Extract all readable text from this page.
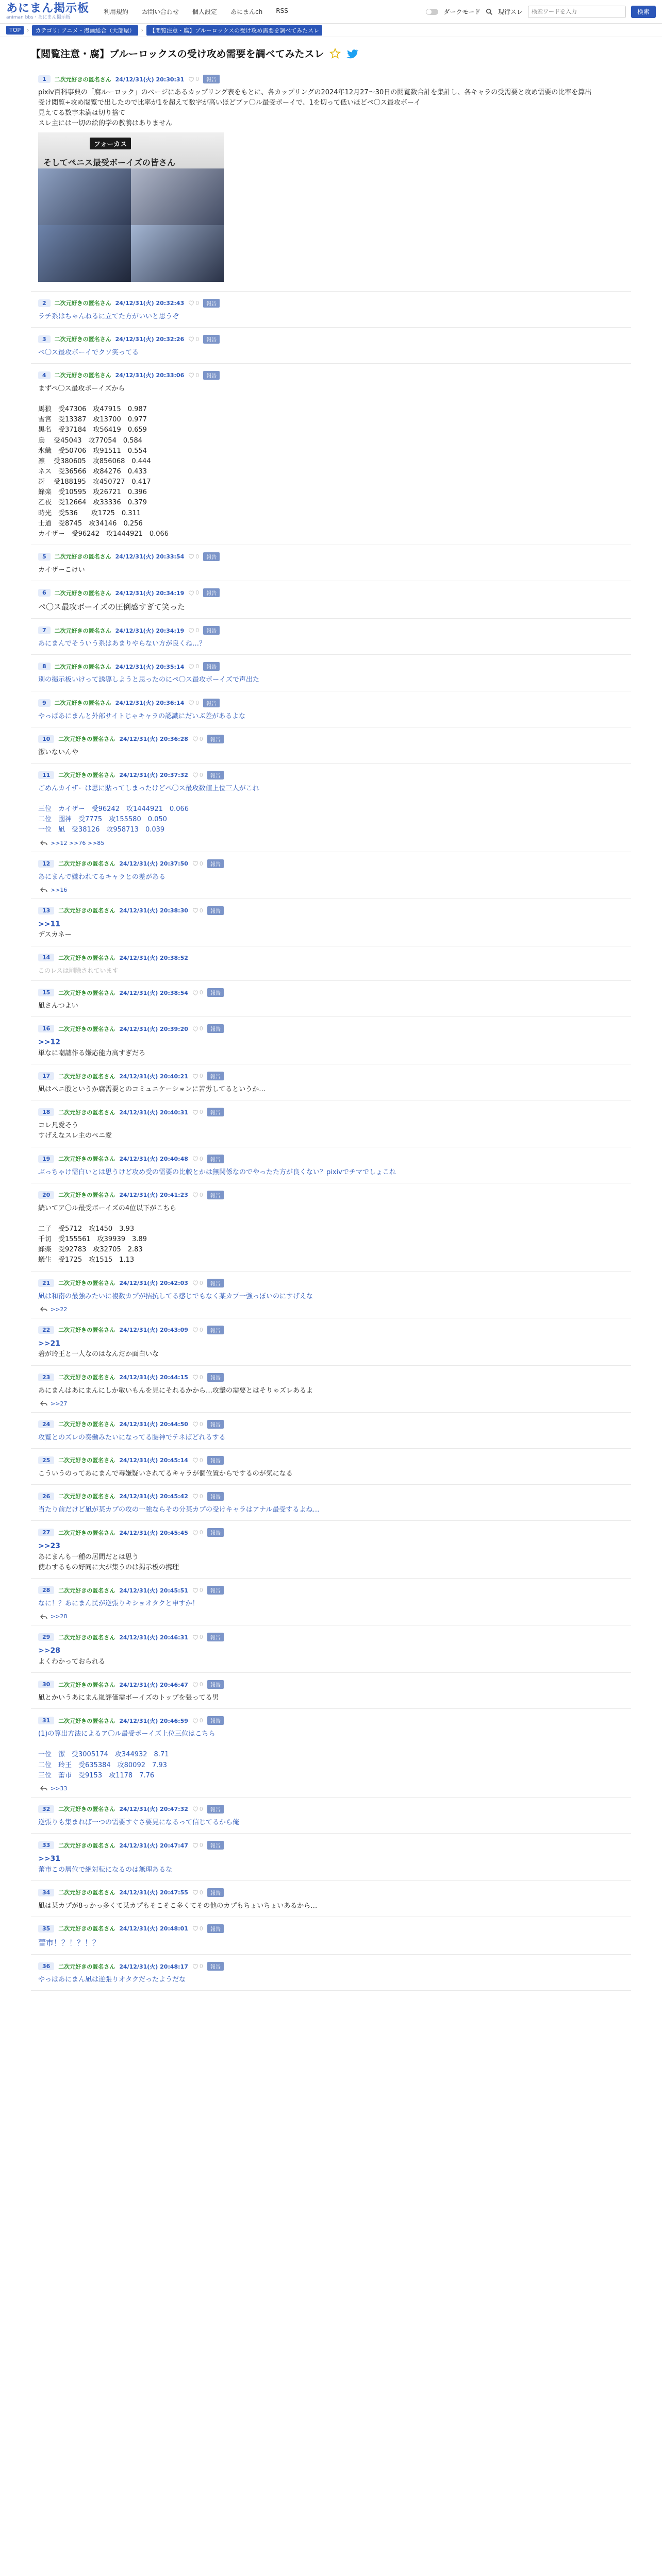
あにまん掲示板
animan bbs・あにまん掲示板
利用規約 お問い合わせ 個人設定 あにまんch RSS	ダークモード	現行スレ
検索ワードを入力	検索
TOP	›	カテゴリ: アニメ・漫画総合（大部屋）	›	【閲覧注意・腐】ブルーロックスの受け攻め需要を調べてみたスレ
【閲覧注意・腐】ブルーロックスの受け攻め需要を調べてみたスレ
1	二次元好きの匿名さん 24/12/31(火) 20:30:31 0	報告
pixiv百科事典の「腐ルーロック」のページにあるカップリング表をもとに、各カップリングの2024年12月27〜30日の閲覧数合計を集計し、各キャラの受需要と攻め需要の比率を算出
受け閲覧÷攻め閲覧で出したので比率が1を超えて数字が高いほどブァ〇ル最受ボーイで、1を切って低いほどペ〇ス最攻ボーイ
見えてる数字未満は切り捨て
スレ主には一切の絵的学の教養はありません
フォーカス
そしてペニス最受ボーイズの皆さん
2	二次元好きの匿名さん 24/12/31(火) 20:32:43 0	報告
ラチ系はちゃんねるに立てた方がいいと思うぞ
3	二次元好きの匿名さん 24/12/31(火) 20:32:26 0	報告
ペ〇ス最攻ボーイでクソ笑ってる
4	二次元好きの匿名さん 24/12/31(火) 20:33:06 0	報告
まずペ〇ス最攻ボーイズから

馬狼　受47306　攻47915　0.987
雪宮　受13387　攻13700　0.977
黒名　受37184　攻56419　0.659
烏　 受45043　攻77054　0.584
氷織　受50706　攻91511　0.554
凛　 受380605　攻856068　0.444
ネス　受36566　攻84276　0.433
冴　 受188195　攻450727　0.417
蜂楽　受10595　攻26721　0.396
乙夜　受12664　攻33336　0.379
時光　受536　　攻1725　0.311
士道　受8745　攻34146　0.256
カイザー　受96242　攻1444921　0.066
5	二次元好きの匿名さん 24/12/31(火) 20:33:54 0	報告
カイザーこけい
6	二次元好きの匿名さん 24/12/31(火) 20:34:19 0	報告
ペ〇ス最攻ボーイズの圧倒感すぎて笑った
7	二次元好きの匿名さん 24/12/31(火) 20:34:19 0	報告
あにまんでそういう系はあまりやらない方が良くね…？
8	二次元好きの匿名さん 24/12/31(火) 20:35:14 0	報告
別の掲示板いけって誘導しようと思ったのにペ〇ス最攻ボーイズで声出た
9	二次元好きの匿名さん 24/12/31(火) 20:36:14 0	報告
やっぱあにまんと外部サイトじゃキャラの認識にだいぶ差があるよな
10	二次元好きの匿名さん 24/12/31(火) 20:36:28 0	報告
潔いないんや
11	二次元好きの匿名さん 24/12/31(火) 20:37:32 0	報告
ごめんカイザーは思に貼ってしまったけどペ〇ス最攻数値上位三人がこれ

三位　カイザー　受96242　攻1444921　0.066
二位　國神　受7775　攻155580　0.050
一位　凪　受38126　攻958713　0.039
>>12 >>76 >>85
12	二次元好きの匿名さん 24/12/31(火) 20:37:50 0	報告
あにまんで嫌われてるキャラとの差がある
>>16
13	二次元好きの匿名さん 24/12/31(火) 20:38:30 0	報告
>>11
デスカネー
14	二次元好きの匿名さん 24/12/31(火) 20:38:52
このレスは削除されています
15	二次元好きの匿名さん 24/12/31(火) 20:38:54 0	報告
凪さんつよい
16	二次元好きの匿名さん 24/12/31(火) 20:39:20 0	報告
>>12
単なに嘲謔作る嫌応能力高すぎだろ
17	二次元好きの匿名さん 24/12/31(火) 20:40:21 0	報告
凪はペニ股というか腐需要とのコミュニケーションに苦労してるというか…
18	二次元好きの匿名さん 24/12/31(火) 20:40:31 0	報告
コレ凡愛そう
すげえなスレ主のペニ愛
19	二次元好きの匿名さん 24/12/31(火) 20:40:48 0	報告
ぶっちゃけ需白いとは思うけど攻め受の需要の比較とかは無関係なのでやったた方が良くない？pixivでチマでしょこれ
20	二次元好きの匿名さん 24/12/31(火) 20:41:23 0	報告
続いてア〇ル最受ボーイズの4位以下がこちら

二子　受5712　攻1450　3.93
千切　受155561　攻39939　3.89
蜂楽　受92783　攻32705　2.83
蟻生　受1725　攻1515　1.13
21	二次元好きの匿名さん 24/12/31(火) 20:42:03 0	報告
凪は和南の最強みたいに複数カプが拮抗してる感じでもなく某カプ一強っぽいのにすげえな
>>22
22	二次元好きの匿名さん 24/12/31(火) 20:43:09 0	報告
>>21
碧が玲王と一人なのはなんだか面白いな
23	二次元好きの匿名さん 24/12/31(火) 20:44:15 0	報告
あにまんはあにまんにしか敏いもんを見にそれるかから…攻撃の需要とはそりゃズレあるよ
>>27
24	二次元好きの匿名さん 24/12/31(火) 20:44:50 0	報告
攻覧とのズレの奏働みたいになってる腰神でテネばどれるする
25	二次元好きの匿名さん 24/12/31(火) 20:45:14 0	報告
こういうのってあにまんで毒嫌疑いされてるキャラが個位置からでするのが気になる
26	二次元好きの匿名さん 24/12/31(火) 20:45:42 0	報告
当たり前だけど凪が某カプの攻の一強ならその分某カプの受けキャラはアナル最受するよね…
27	二次元好きの匿名さん 24/12/31(火) 20:45:45 0	報告
>>23
あにまんも一種の居間だとは思う
使わするもの好同に大が集うのは掲示板の携理
28	二次元好きの匿名さん 24/12/31(火) 20:45:51 0	報告
なに！？あにまん民が逆張りキショオタクと申すか！
>>28
29	二次元好きの匿名さん 24/12/31(火) 20:46:31 0	報告
>>28
よくわかっておられる
30	二次元好きの匿名さん 24/12/31(火) 20:46:47 0	報告
凪とかいうあにまん嵐評価需ボーイズのトップを張ってる男
31	二次元好きの匿名さん 24/12/31(火) 20:46:59 0	報告
(1)の算出方法によるア〇ル最受ボーイズ上位三位はこちら

一位　潔　受3005174　攻344932　8.71
二位　玲王　受635384　攻80092　7.93
三位　蕾市　受9153　攻1178　7.76
>>33
32	二次元好きの匿名さん 24/12/31(火) 20:47:32 0	報告
逆張りも集まれば一つの需要すぐさ要見になるって信じてるから俺
33	二次元好きの匿名さん 24/12/31(火) 20:47:47 0	報告
>>31
蕾市この層位で絶対転になるのは無理あるな
34	二次元好きの匿名さん 24/12/31(火) 20:47:55 0	報告
凪は某カプが8っかっ多くて某カプもそこそこ多くてその他のカプもちょいちょいあるから…
35	二次元好きの匿名さん 24/12/31(火) 20:48:01 0	報告
蕾市！？！？！？
36	二次元好きの匿名さん 24/12/31(火) 20:48:17 0	報告
やっぱあにまん凪は逆張りオタクだったようだな
